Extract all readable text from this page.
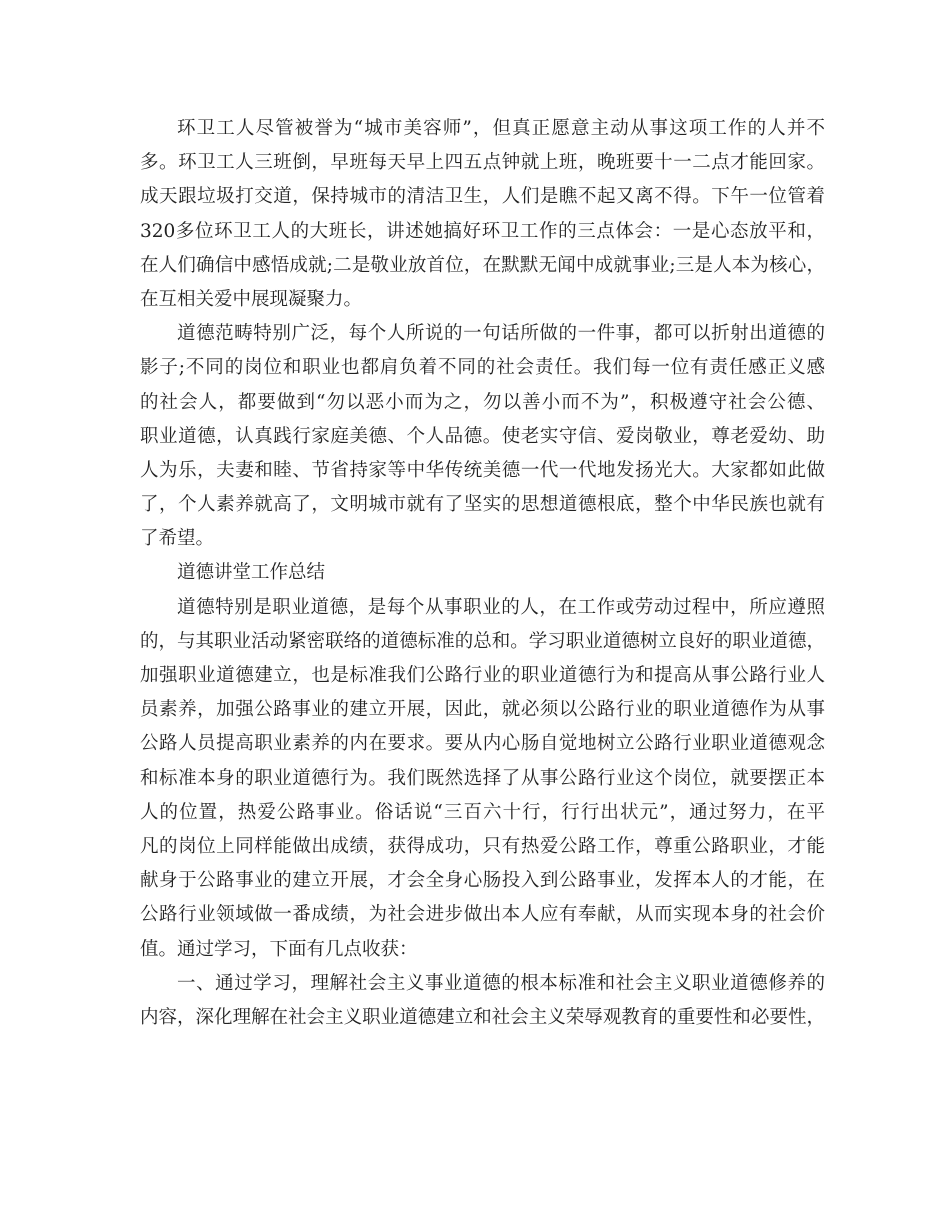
环卫工人尽管被誉为“城市美容师”，但真正愿意主动从事这项工作的人并不
多。环卫工人三班倒，早班每天早上四五点钟就上班，晚班要十一二点才能回家。
成天跟垃圾打交道，保持城市的清洁卫生，人们是瞧不起又离不得。下午一位管着
320多位环卫工人的大班长，讲述她搞好环卫工作的三点体会：一是心态放平和，
在人们确信中感悟成就;二是敬业放首位，在默默无闻中成就事业;三是人本为核心，
在互相关爱中展现凝聚力。
道德范畴特别广泛，每个人所说的一句话所做的一件事，都可以折射出道德的
影子;不同的岗位和职业也都肩负着不同的社会责任。我们每一位有责任感正义感
的社会人，都要做到“勿以恶小而为之，勿以善小而不为”，积极遵守社会公德、
职业道德，认真践行家庭美德、个人品德。使老实守信、爱岗敬业，尊老爱幼、助
人为乐，夫妻和睦、节省持家等中华传统美德一代一代地发扬光大。大家都如此做
了，个人素养就高了，文明城市就有了坚实的思想道德根底，整个中华民族也就有
了希望。
道德讲堂工作总结
道德特别是职业道德，是每个从事职业的人，在工作或劳动过程中，所应遵照
的，与其职业活动紧密联络的道德标准的总和。学习职业道德树立良好的职业道德，
加强职业道德建立，也是标准我们公路行业的职业道德行为和提高从事公路行业人
员素养，加强公路事业的建立开展，因此，就必须以公路行业的职业道德作为从事
公路人员提高职业素养的内在要求。要从内心肠自觉地树立公路行业职业道德观念
和标准本身的职业道德行为。我们既然选择了从事公路行业这个岗位，就要摆正本
人的位置，热爱公路事业。俗话说“三百六十行，行行出状元”，通过努力，在平
凡的岗位上同样能做出成绩，获得成功，只有热爱公路工作，尊重公路职业，才能
献身于公路事业的建立开展，才会全身心肠投入到公路事业，发挥本人的才能，在
公路行业领域做一番成绩，为社会进步做出本人应有奉献，从而实现本身的社会价
值。通过学习，下面有几点收获：
一、通过学习，理解社会主义事业道德的根本标准和社会主义职业道德修养的
内容，深化理解在社会主义职业道德建立和社会主义荣辱观教育的重要性和必要性，
